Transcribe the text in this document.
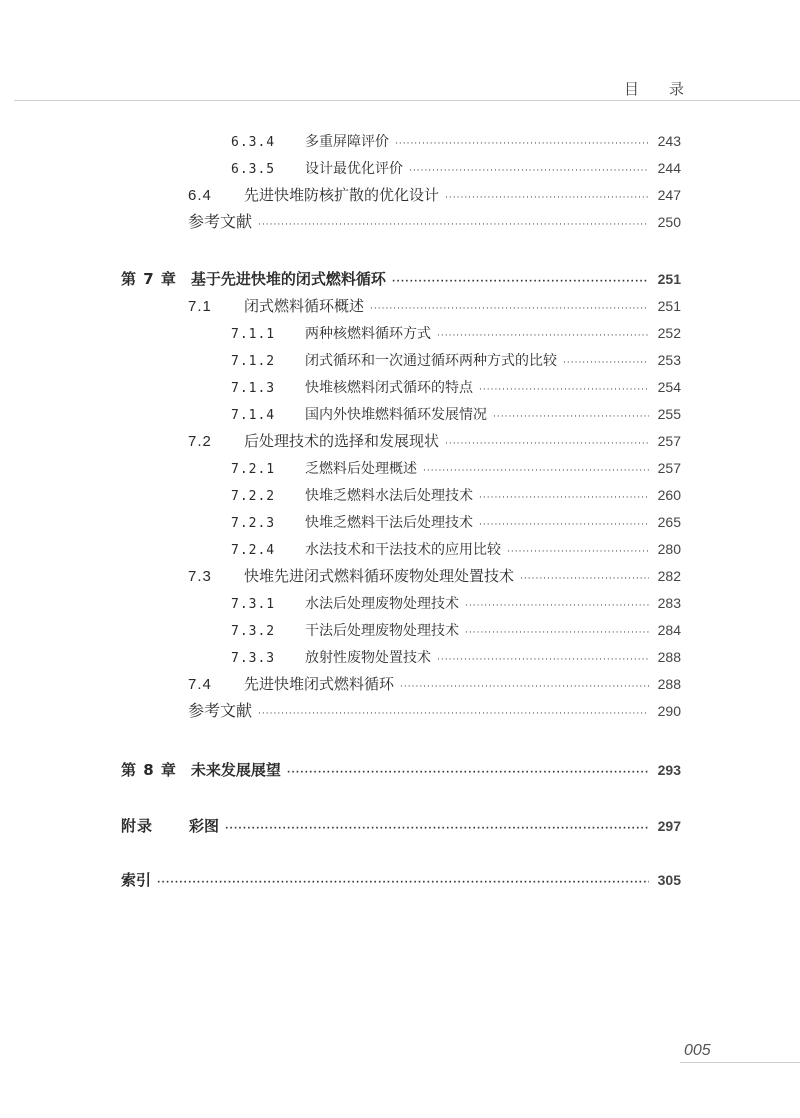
目录
6.3.4	多重屏障评价 ·····	243
6.3.5	设计最优化评价 ·····	244
6.4	先进快堆防核扩散的优化设计 ·····	247
参考文献 ·····	250
第 7 章 基于先进快堆的闭式燃料循环 ·····	251
7.1	闭式燃料循环概述 ·····	251
7.1.1	两种核燃料循环方式 ·····	252
7.1.2	闭式循环和一次通过循环两种方式的比较 ·····	253
7.1.3	快堆核燃料闭式循环的特点 ·····	254
7.1.4	国内外快堆燃料循环发展情况 ·····	255
7.2	后处理技术的选择和发展现状 ·····	257
7.2.1	乏燃料后处理概述 ·····	257
7.2.2	快堆乏燃料水法后处理技术 ·····	260
7.2.3	快堆乏燃料干法后处理技术 ·····	265
7.2.4	水法技术和干法技术的应用比较 ·····	280
7.3	快堆先进闭式燃料循环废物处理处置技术 ·····	282
7.3.1	水法后处理废物处理技术 ·····	283
7.3.2	干法后处理废物处理技术 ·····	284
7.3.3	放射性废物处置技术 ·····	288
7.4	先进快堆闭式燃料循环 ·····	288
参考文献 ·····	290
第 8 章 未来发展展望 ·····	293
附录	彩图 ·····	297
索引 ·····	305
005
